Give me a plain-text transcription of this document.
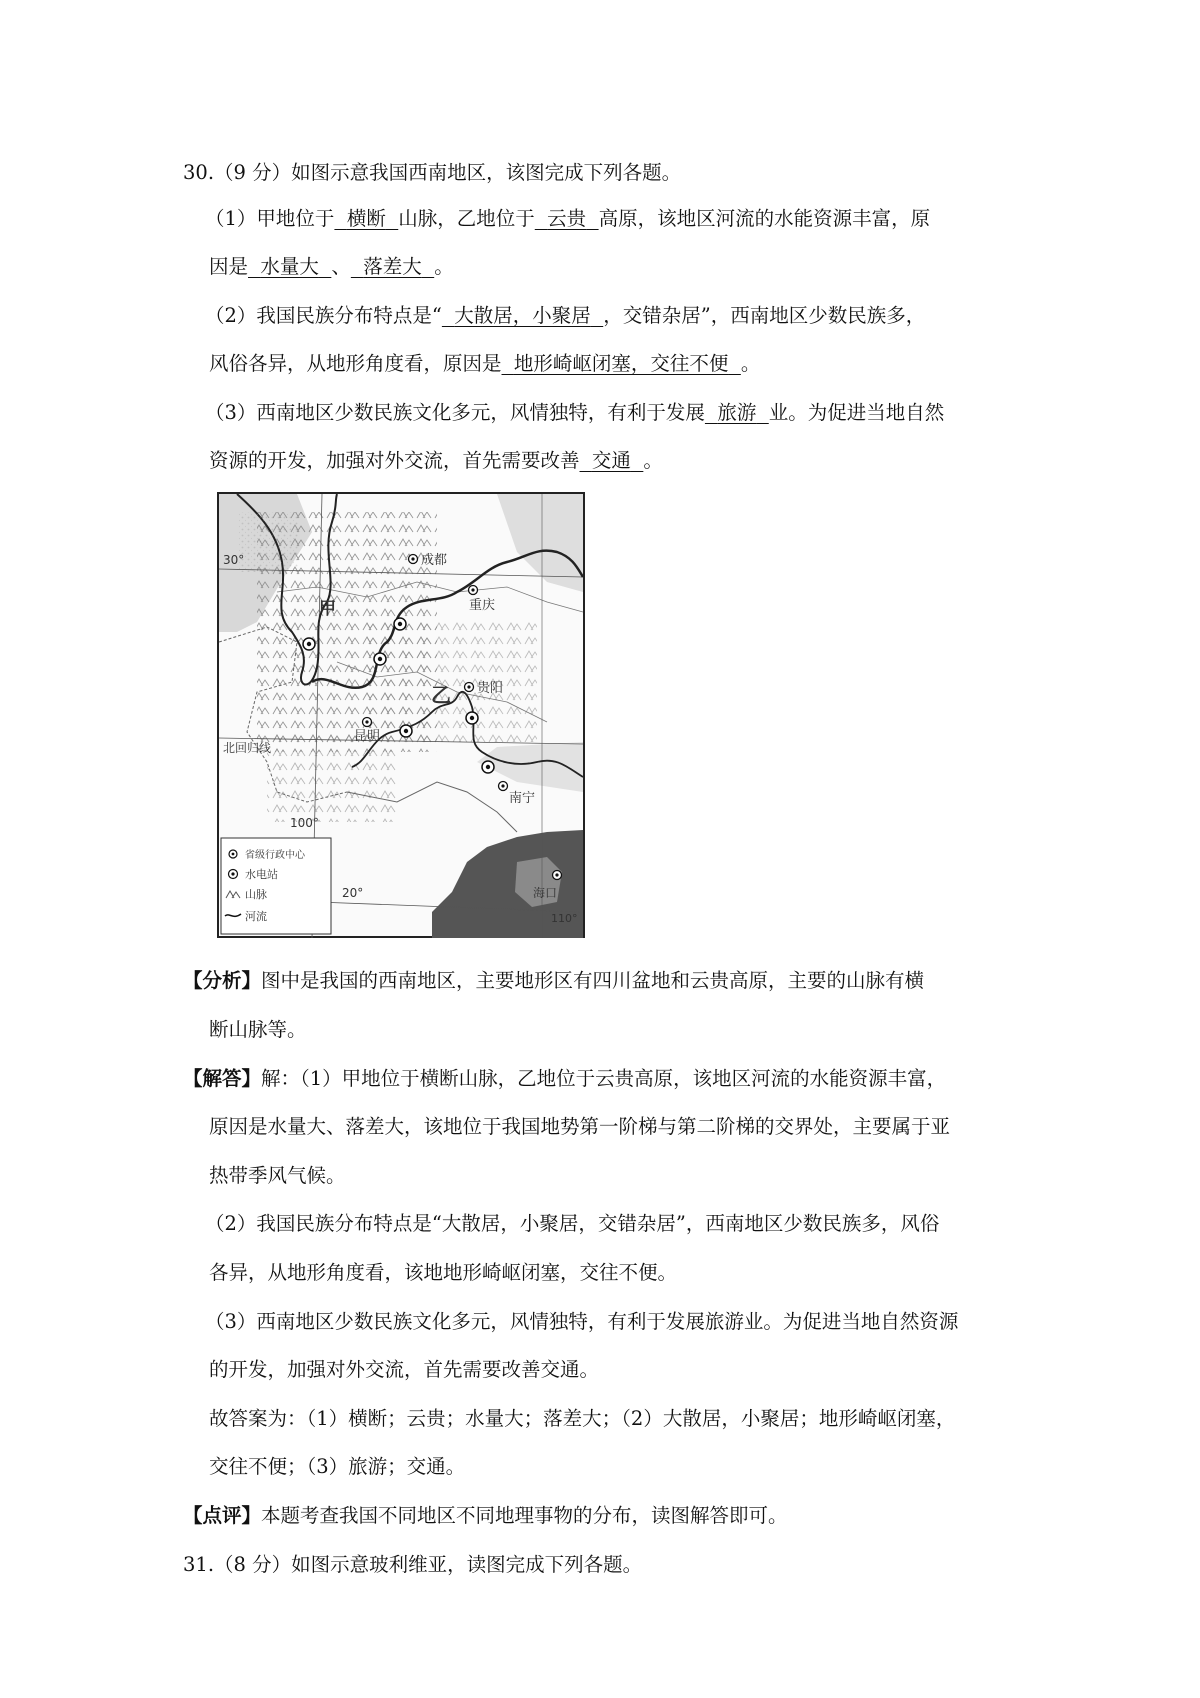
30.（9 分）如图示意我国西南地区，该图完成下列各题。
（1）甲地位于 横断 山脉，乙地位于 云贵 高原，该地区河流的水能资源丰富，原
因是 水量大 、 落差大 。
（2）我国民族分布特点是“ 大散居，小聚居 ，交错杂居”，西南地区少数民族多，
风俗各异，从地形角度看，原因是 地形崎岖闭塞，交往不便 。
（3）西南地区少数民族文化多元，风情独特，有利于发展 旅游 业。为促进当地自然
资源的开发，加强对外交流，首先需要改善 交通 。
成都
重庆
贵阳
昆明
南宁
海口
甲
乙
30°
北回归线
100°
20°
110°
省级行政中心
水电站
山脉
河流
【分析】图中是我国的西南地区，主要地形区有四川盆地和云贵高原，主要的山脉有横
断山脉等。
【解答】解：（1）甲地位于横断山脉，乙地位于云贵高原，该地区河流的水能资源丰富，
原因是水量大、落差大，该地位于我国地势第一阶梯与第二阶梯的交界处，主要属于亚
热带季风气候。
（2）我国民族分布特点是“大散居，小聚居，交错杂居”，西南地区少数民族多，风俗
各异，从地形角度看，该地地形崎岖闭塞，交往不便。
（3）西南地区少数民族文化多元，风情独特，有利于发展旅游业。为促进当地自然资源
的开发，加强对外交流，首先需要改善交通。
故答案为：（1）横断；云贵；水量大；落差大；（2）大散居，小聚居；地形崎岖闭塞，
交往不便；（3）旅游；交通。
【点评】本题考查我国不同地区不同地理事物的分布，读图解答即可。
31.（8 分）如图示意玻利维亚，读图完成下列各题。
